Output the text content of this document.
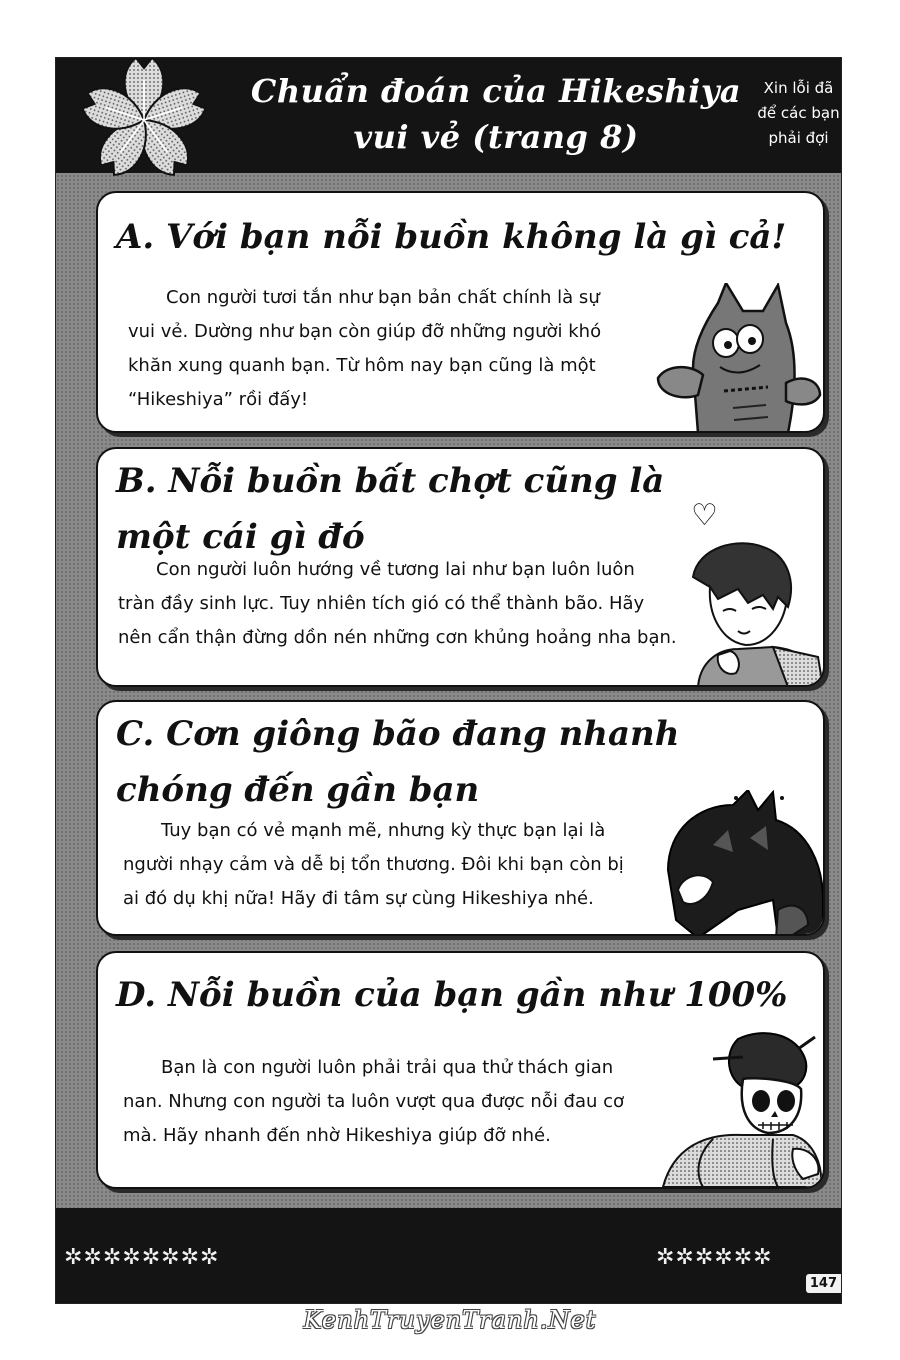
Chuẩn đoán của Hikeshiya
vui vẻ (trang 8)
Xin lỗi đã
để các bạn
phải đợi
A. Với bạn nỗi buồn không là gì cả!
Con người tươi tắn như bạn bản chất chính là sự
vui vẻ. Dường như bạn còn giúp đỡ những người khó
khăn xung quanh bạn. Từ hôm nay bạn cũng là một
“Hikeshiya” rồi đấy!
B. Nỗi buồn bất chợt cũng là
một cái gì đó
Con người luôn hướng về tương lai như bạn luôn luôn
tràn đầy sinh lực. Tuy nhiên tích gió có thể thành bão. Hãy
nên cẩn thận đừng dồn nén những cơn khủng hoảng nha bạn.
♡
C. Cơn giông bão đang nhanh
chóng đến gần bạn
Tuy bạn có vẻ mạnh mẽ, nhưng kỳ thực bạn lại là
người nhạy cảm và dễ bị tổn thương. Đôi khi bạn còn bị
ai đó dụ khị nữa! Hãy đi tâm sự cùng Hikeshiya nhé.
D. Nỗi buồn của bạn gần như 100%
Bạn là con người luôn phải trải qua thử thách gian
nan. Nhưng con người ta luôn vượt qua được nỗi đau cơ
mà. Hãy nhanh đến nhờ Hikeshiya giúp đỡ nhé.
✲✲✲✲✲✲✲✲	✲✲✲✲✲✲
147
KenhTruyenTranh.Net
